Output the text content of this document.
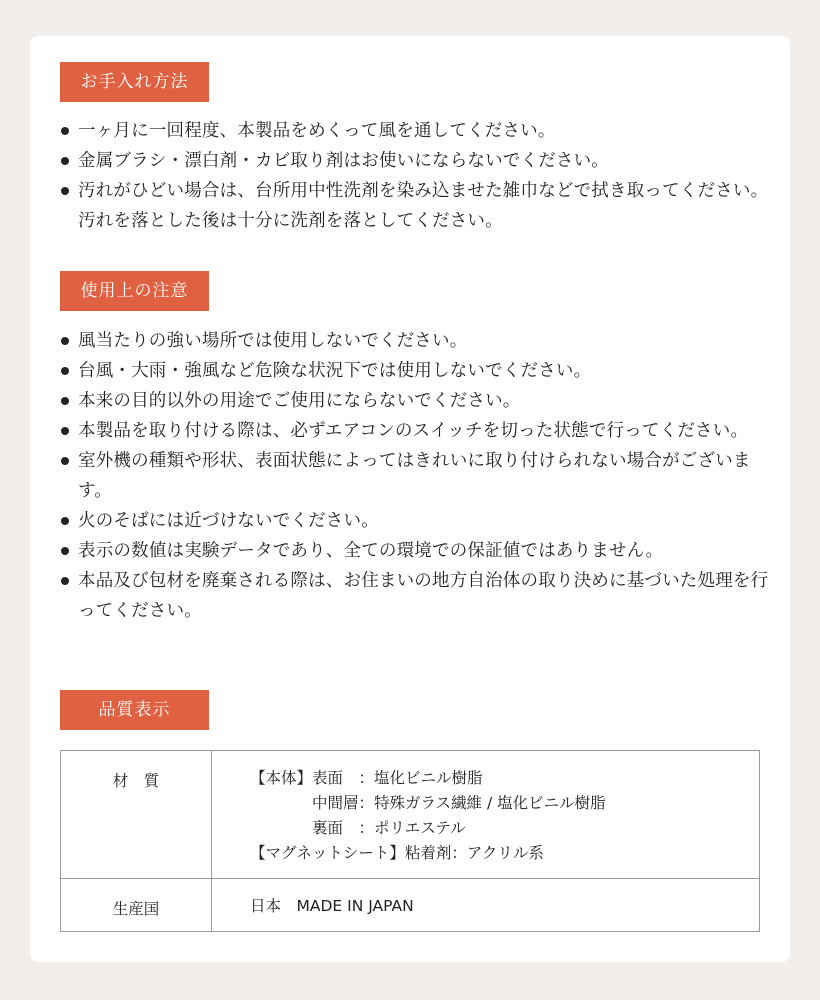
お手入れ方法
一ヶ月に一回程度、本製品をめくって風を通してください。
金属ブラシ・漂白剤・カビ取り剤はお使いにならないでください。
汚れがひどい場合は、台所用中性洗剤を染み込ませた雑巾などで拭き取ってください。汚れを落とした後は十分に洗剤を落としてください。
使用上の注意
風当たりの強い場所では使用しないでください。
台風・大雨・強風など危険な状況下では使用しないでください。
本来の目的以外の用途でご使用にならないでください。
本製品を取り付ける際は、必ずエアコンのスイッチを切った状態で行ってください。
室外機の種類や形状、表面状態によってはきれいに取り付けられない場合がございます。
火のそばには近づけないでください。
表示の数値は実験データであり、全ての環境での保証値ではありません。
本品及び包材を廃棄される際は、お住まいの地方自治体の取り決めに基づいた処理を行ってください。
品質表示
材　質	【本体】表面　：塩化ビニル樹脂
　　　　中間層：特殊ガラス繊維 / 塩化ビニル樹脂
　　　　裏面　：ポリエステル
【マグネットシート】粘着剤：アクリル系

生産国	日本　MADE IN JAPAN
